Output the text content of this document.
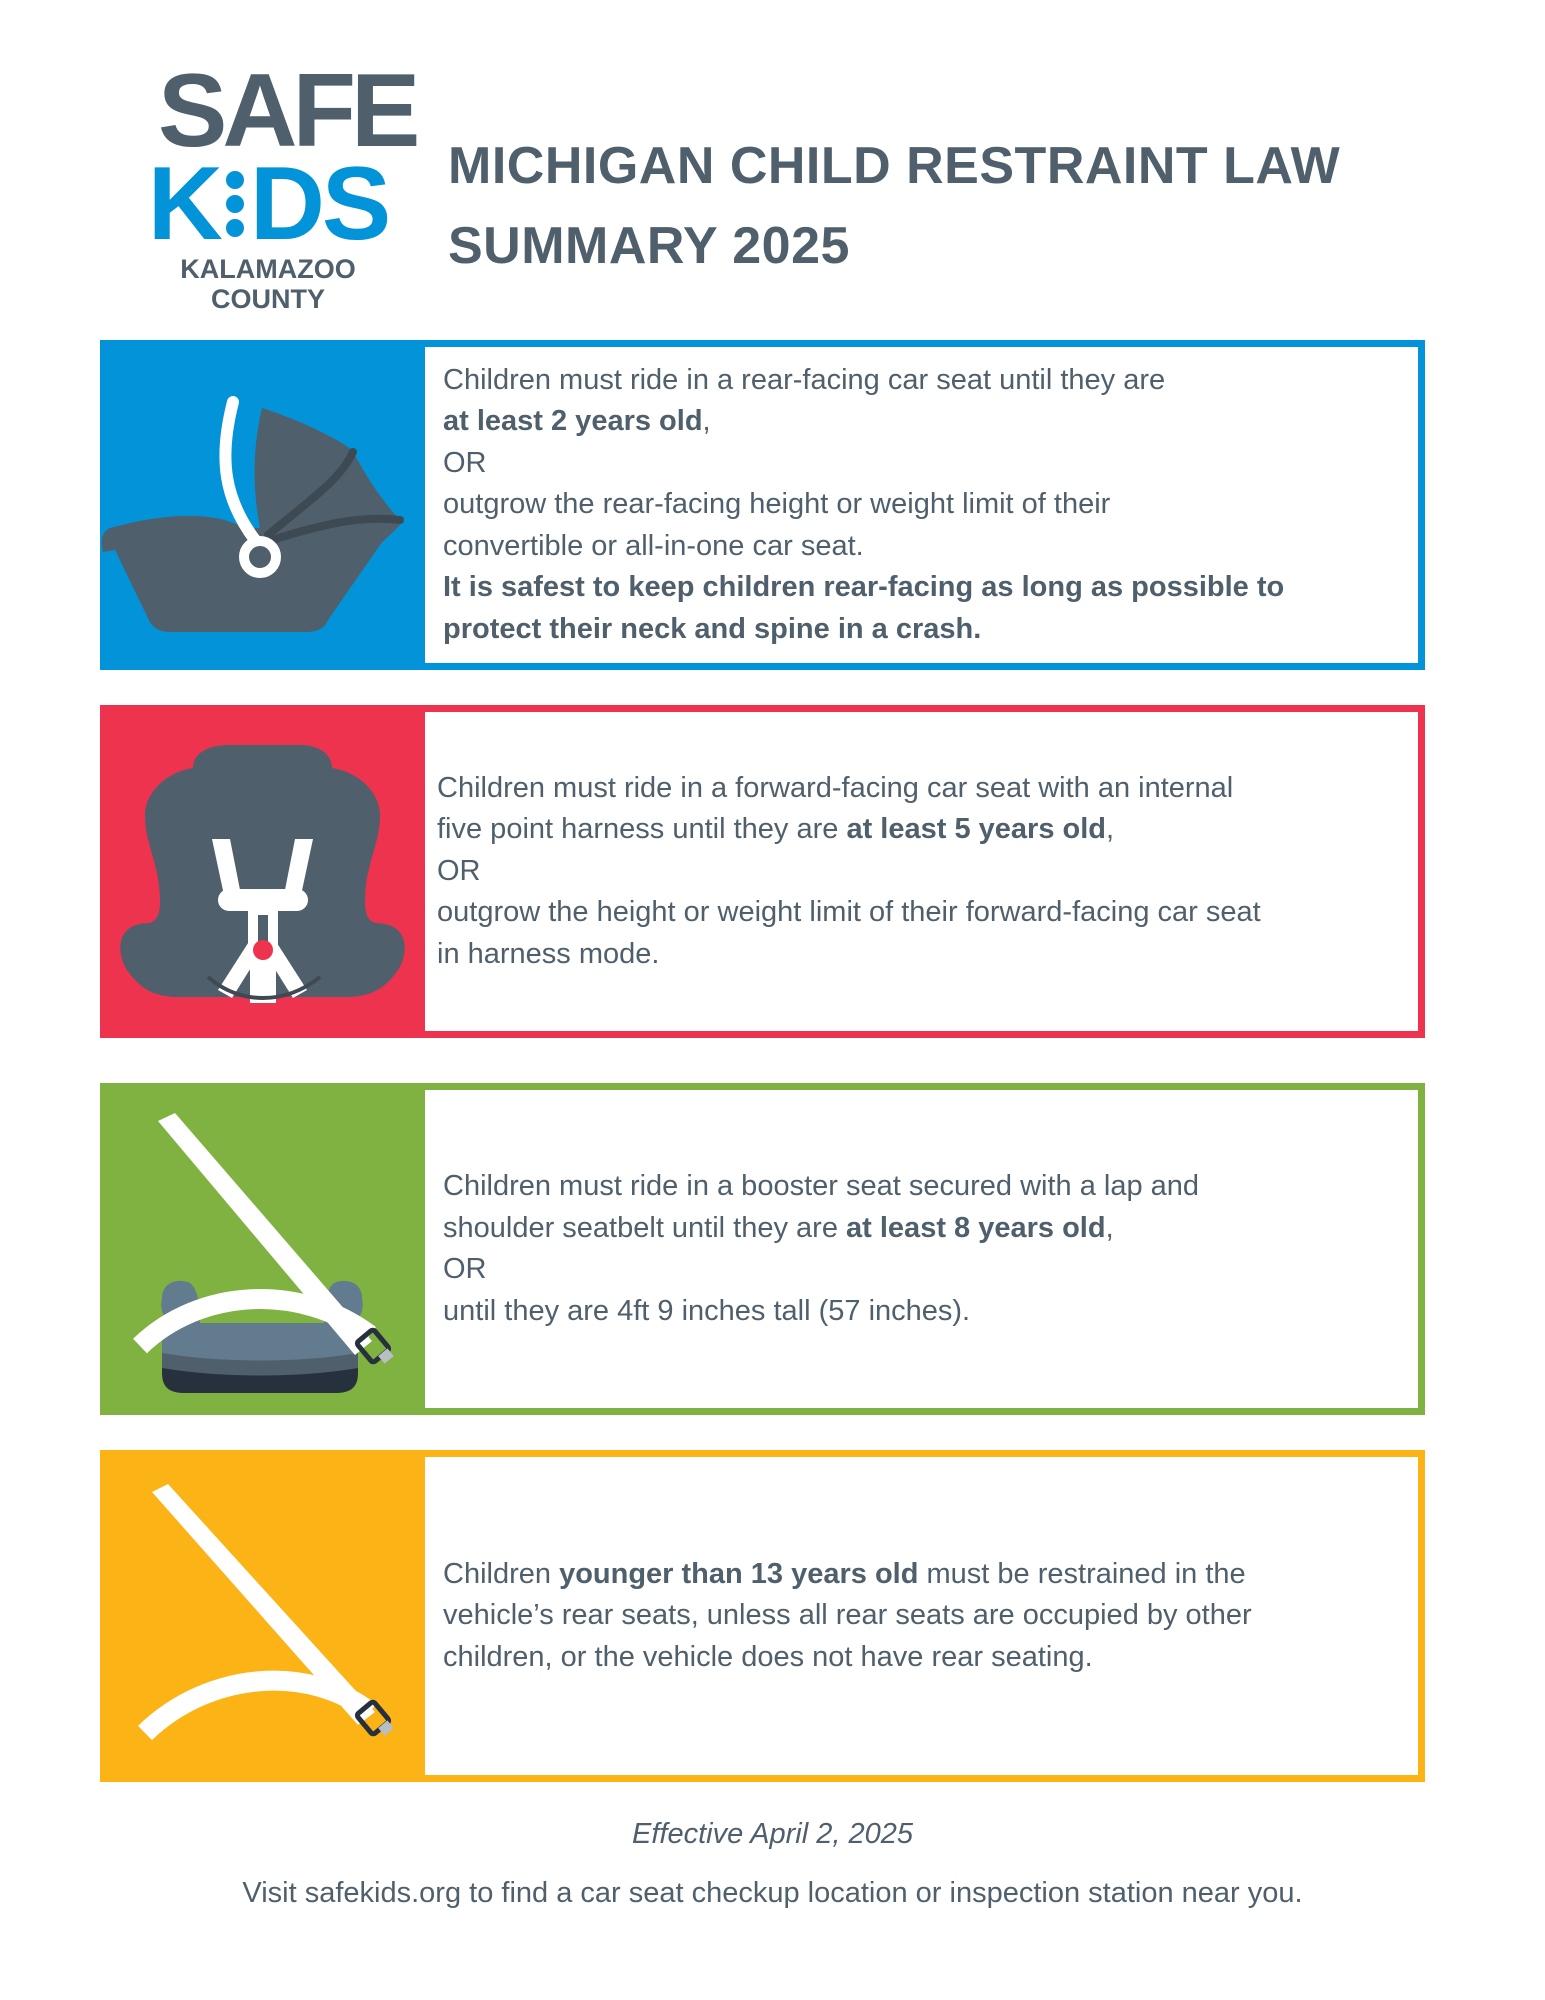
SAFE
K DS
KALAMAZOO
COUNTY
MICHIGAN CHILD RESTRAINT LAW
SUMMARY 2025
Children must ride in a rear-facing car seat until they are
at least 2 years old,
OR
outgrow the rear-facing height or weight limit of their
convertible or all-in-one car seat.
It is safest to keep children rear-facing as long as possible to
protect their neck and spine in a crash.
Children must ride in a forward-facing car seat with an internal
five point harness until they are at least 5 years old,
OR
outgrow the height or weight limit of their forward-facing car seat
in harness mode.
Children must ride in a booster seat secured with a lap and
shoulder seatbelt until they are at least 8 years old,
OR
until they are 4ft 9 inches tall (57 inches).
Children younger than 13 years old must be restrained in the
vehicle’s rear seats, unless all rear seats are occupied by other
children, or the vehicle does not have rear seating.
Effective April 2, 2025
Visit safekids.org to find a car seat checkup location or inspection station near you.
